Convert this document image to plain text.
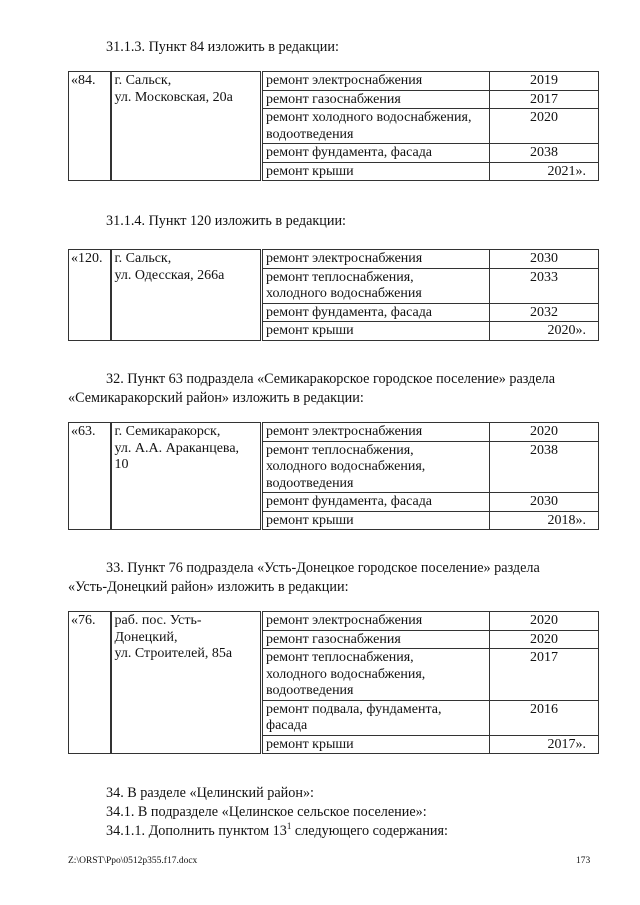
31.1.3. Пункт 84 изложить в редакции:

«84.	г. Сальск,
ул. Московская, 20а	ремонт электроснабжения	2019

		ремонт газоснабжения	2017

		ремонт холодного водоснабжения,
водоотведения	2020

		ремонт фундамента, фасада	2038

		ремонт крыши	2021».

31.1.4. Пункт 120 изложить в редакции:

«120.	г. Сальск,
ул. Одесская, 266а	ремонт электроснабжения	2030

		ремонт теплоснабжения,
холодного водоснабжения	2033

		ремонт фундамента, фасада	2032

		ремонт крыши	2020».

32. Пункт 63 подраздела «Семикаракорское городское поселение» раздела

«Семикаракорский район» изложить в редакции:

«63.	г. Семикаракорск,
ул. А.А. Араканцева,
10	ремонт электроснабжения	2020

		ремонт теплоснабжения,
холодного водоснабжения,
водоотведения	2038

		ремонт фундамента, фасада	2030

		ремонт крыши	2018».

33. Пункт 76 подраздела «Усть-Донецкое городское поселение» раздела

«Усть-Донецкий район» изложить в редакции:

«76.	раб. пос. Усть-
Донецкий,
ул. Строителей, 85а	ремонт электроснабжения	2020

		ремонт газоснабжения	2020

		ремонт теплоснабжения,
холодного водоснабжения,
водоотведения	2017

		ремонт подвала, фундамента,
фасада	2016

		ремонт крыши	2017».

34. В разделе «Целинский район»:

34.1. В подразделе «Целинское сельское поселение»:

34.1.1. Дополнить пунктом $13^1$ следующего содержания:

Z:\ORST\Ppo\0512p355.f17.docx	173
